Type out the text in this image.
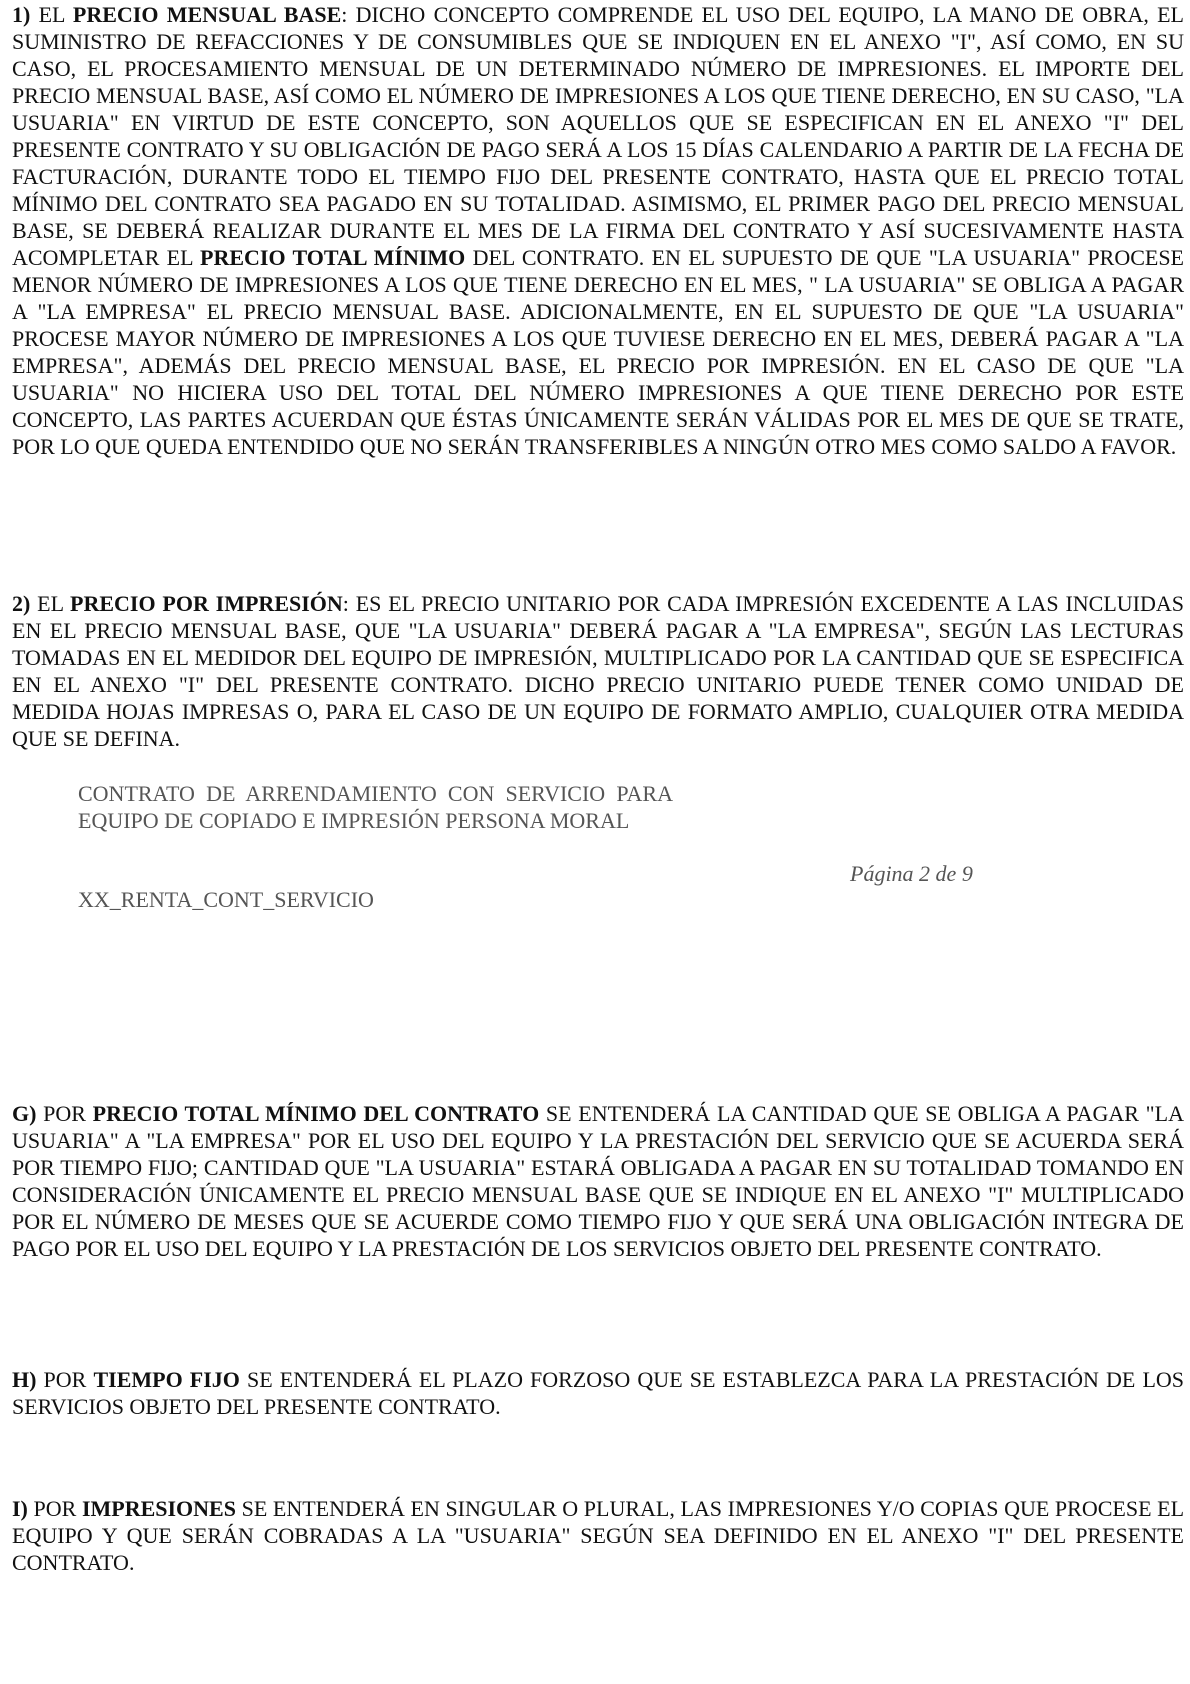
1) EL PRECIO MENSUAL BASE: DICHO CONCEPTO COMPRENDE EL USO DEL EQUIPO, LA MANO DE OBRA, EL SUMINISTRO DE REFACCIONES Y DE CONSUMIBLES QUE SE INDIQUEN EN EL ANEXO "I", ASÍ COMO, EN SU CASO, EL PROCESAMIENTO MENSUAL DE UN DETERMINADO NÚMERO DE IMPRESIONES. EL IMPORTE DEL PRECIO MENSUAL BASE, ASÍ COMO EL NÚMERO DE IMPRESIONES A LOS QUE TIENE DERECHO, EN SU CASO, "LA USUARIA" EN VIRTUD DE ESTE CONCEPTO, SON AQUELLOS QUE SE ESPECIFICAN EN EL ANEXO "I" DEL PRESENTE CONTRATO Y SU OBLIGACIÓN DE PAGO SERÁ A LOS 15 DÍAS CALENDARIO A PARTIR DE LA FECHA DE FACTURACIÓN, DURANTE TODO EL TIEMPO FIJO DEL PRESENTE CONTRATO, HASTA QUE EL PRECIO TOTAL MÍNIMO DEL CONTRATO SEA PAGADO EN SU TOTALIDAD. ASIMISMO, EL PRIMER PAGO DEL PRECIO MENSUAL BASE, SE DEBERÁ REALIZAR DURANTE EL MES DE LA FIRMA DEL CONTRATO Y ASÍ SUCESIVAMENTE HASTA ACOMPLETAR EL PRECIO TOTAL MÍNIMO DEL CONTRATO. EN EL SUPUESTO DE QUE "LA USUARIA" PROCESE MENOR NÚMERO DE IMPRESIONES A LOS QUE TIENE DERECHO EN EL MES, " LA USUARIA" SE OBLIGA A PAGAR A "LA EMPRESA" EL PRECIO MENSUAL BASE. ADICIONALMENTE, EN EL SUPUESTO DE QUE "LA USUARIA" PROCESE MAYOR NÚMERO DE IMPRESIONES A LOS QUE TUVIESE DERECHO EN EL MES, DEBERÁ PAGAR A "LA EMPRESA", ADEMÁS DEL PRECIO MENSUAL BASE, EL PRECIO POR IMPRESIÓN. EN EL CASO DE QUE "LA USUARIA" NO HICIERA USO DEL TOTAL DEL NÚMERO IMPRESIONES A QUE TIENE DERECHO POR ESTE CONCEPTO, LAS PARTES ACUERDAN QUE ÉSTAS ÚNICAMENTE SERÁN VÁLIDAS POR EL MES DE QUE SE TRATE, POR LO QUE QUEDA ENTENDIDO QUE NO SERÁN TRANSFERIBLES A NINGÚN OTRO MES COMO SALDO A FAVOR.

2) EL PRECIO POR IMPRESIÓN: ES EL PRECIO UNITARIO POR CADA IMPRESIÓN EXCEDENTE A LAS INCLUIDAS EN EL PRECIO MENSUAL BASE, QUE "LA USUARIA" DEBERÁ PAGAR A "LA EMPRESA", SEGÚN LAS LECTURAS TOMADAS EN EL MEDIDOR DEL EQUIPO DE IMPRESIÓN, MULTIPLICADO POR LA CANTIDAD QUE SE ESPECIFICA EN EL ANEXO "I" DEL PRESENTE CONTRATO. DICHO PRECIO UNITARIO PUEDE TENER COMO UNIDAD DE MEDIDA HOJAS IMPRESAS O, PARA EL CASO DE UN EQUIPO DE FORMATO AMPLIO, CUALQUIER OTRA MEDIDA QUE SE DEFINA.

CONTRATO DE ARRENDAMIENTO CON SERVICIO PARA EQUIPO DE COPIADO E IMPRESIÓN PERSONA MORAL
XX_RENTA_CONT_SERVICIO
Página 2 de 9

G) POR PRECIO TOTAL MÍNIMO DEL CONTRATO SE ENTENDERÁ LA CANTIDAD QUE SE OBLIGA A PAGAR "LA USUARIA" A "LA EMPRESA" POR EL USO DEL EQUIPO Y LA PRESTACIÓN DEL SERVICIO QUE SE ACUERDA SERÁ POR TIEMPO FIJO; CANTIDAD QUE "LA USUARIA" ESTARÁ OBLIGADA A PAGAR EN SU TOTALIDAD TOMANDO EN CONSIDERACIÓN ÚNICAMENTE EL PRECIO MENSUAL BASE QUE SE INDIQUE EN EL ANEXO "I" MULTIPLICADO POR EL NÚMERO DE MESES QUE SE ACUERDE COMO TIEMPO FIJO Y QUE SERÁ UNA OBLIGACIÓN INTEGRA DE PAGO POR EL USO DEL EQUIPO Y LA PRESTACIÓN DE LOS SERVICIOS OBJETO DEL PRESENTE CONTRATO.

H) POR TIEMPO FIJO SE ENTENDERÁ EL PLAZO FORZOSO QUE SE ESTABLEZCA PARA LA PRESTACIÓN DE LOS SERVICIOS OBJETO DEL PRESENTE CONTRATO.

I) POR IMPRESIONES SE ENTENDERÁ EN SINGULAR O PLURAL, LAS IMPRESIONES Y/O COPIAS QUE PROCESE EL EQUIPO Y QUE SERÁN COBRADAS A LA "USUARIA" SEGÚN SEA DEFINIDO EN EL ANEXO "I" DEL PRESENTE CONTRATO.
